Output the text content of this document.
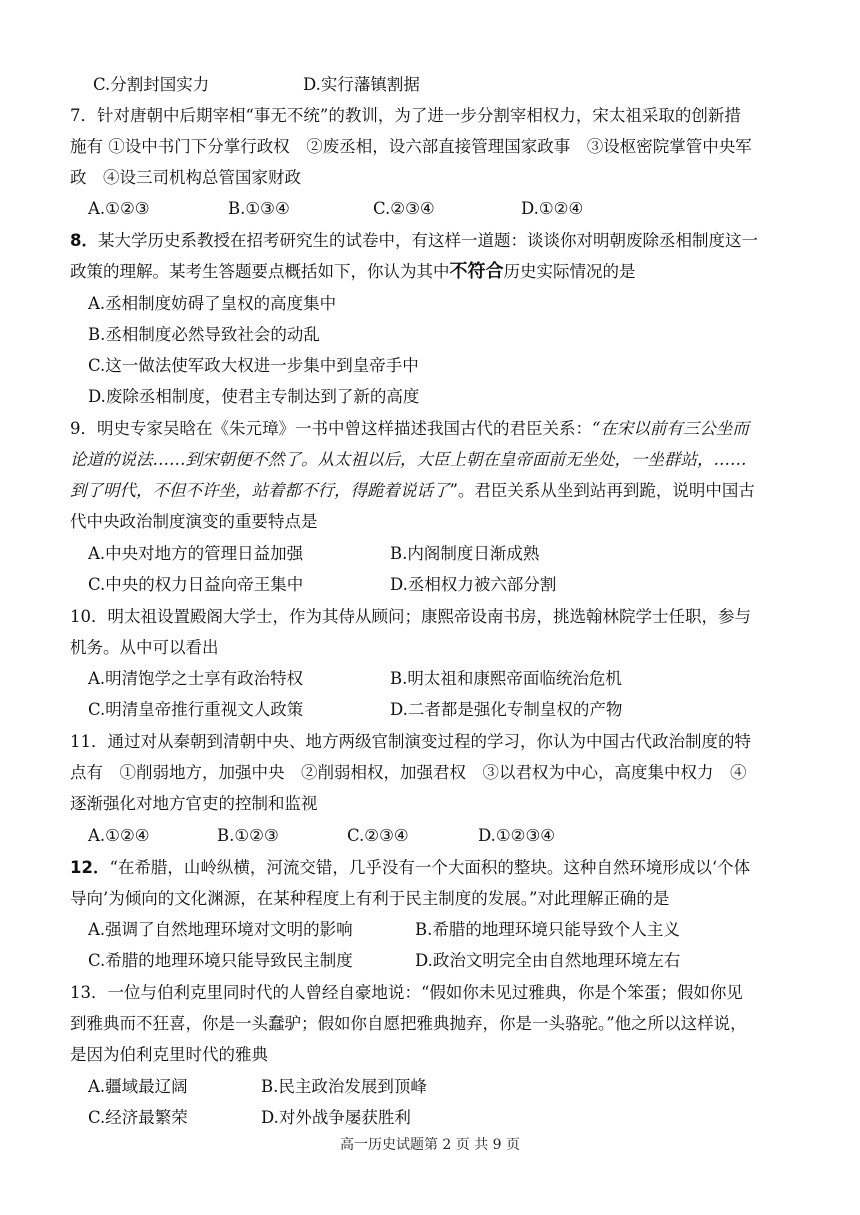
C.分割封国实力	D.实行藩镇割据
7．针对唐朝中后期宰相“事无不统”的教训，为了进一步分割宰相权力，宋太祖采取的创新措
施有 ①设中书门下分掌行政权　②废丞相，设六部直接管理国家政事　③设枢密院掌管中央军
政　④设三司机构总管国家财政
A.①②③	B.①③④	C.②③④	D.①②④
8．某大学历史系教授在招考研究生的试卷中，有这样一道题：谈谈你对明朝废除丞相制度这一
政策的理解。某考生答题要点概括如下，你认为其中不符合历史实际情况的是
A.丞相制度妨碍了皇权的高度集中
B.丞相制度必然导致社会的动乱
C.这一做法使军政大权进一步集中到皇帝手中
D.废除丞相制度，使君主专制达到了新的高度
9．明史专家吴晗在《朱元璋》一书中曾这样描述我国古代的君臣关系：“在宋以前有三公坐而
论道的说法……到宋朝便不然了。从太祖以后，大臣上朝在皇帝面前无坐处，一坐群站，……
到了明代，不但不许坐，站着都不行，得跪着说话了”。君臣关系从坐到站再到跪，说明中国古
代中央政治制度演变的重要特点是
A.中央对地方的管理日益加强	B.内阁制度日渐成熟
C.中央的权力日益向帝王集中	D.丞相权力被六部分割
10．明太祖设置殿阁大学士，作为其侍从顾问；康熙帝设南书房，挑选翰林院学士任职，参与
机务。从中可以看出
A.明清饱学之士享有政治特权	B.明太祖和康熙帝面临统治危机
C.明清皇帝推行重视文人政策	D.二者都是强化专制皇权的产物
11．通过对从秦朝到清朝中央、地方两级官制演变过程的学习，你认为中国古代政治制度的特
点有　①削弱地方，加强中央　②削弱相权，加强君权　③以君权为中心，高度集中权力　④
逐渐强化对地方官吏的控制和监视
A.①②④	B.①②③	C.②③④	D.①②③④
12．“在希腊，山岭纵横，河流交错，几乎没有一个大面积的整块。这种自然环境形成以‘个体
导向’为倾向的文化渊源，在某种程度上有利于民主制度的发展。”对此理解正确的是
A.强调了自然地理环境对文明的影响	B.希腊的地理环境只能导致个人主义
C.希腊的地理环境只能导致民主制度	D.政治文明完全由自然地理环境左右
13．一位与伯利克里同时代的人曾经自豪地说：“假如你未见过雅典，你是个笨蛋；假如你见
到雅典而不狂喜，你是一头蠢驴；假如你自愿把雅典抛弃，你是一头骆驼。”他之所以这样说，
是因为伯利克里时代的雅典
A.疆域最辽阔	B.民主政治发展到顶峰
C.经济最繁荣	D.对外战争屡获胜利
高一历史试题第 2 页 共 9 页
